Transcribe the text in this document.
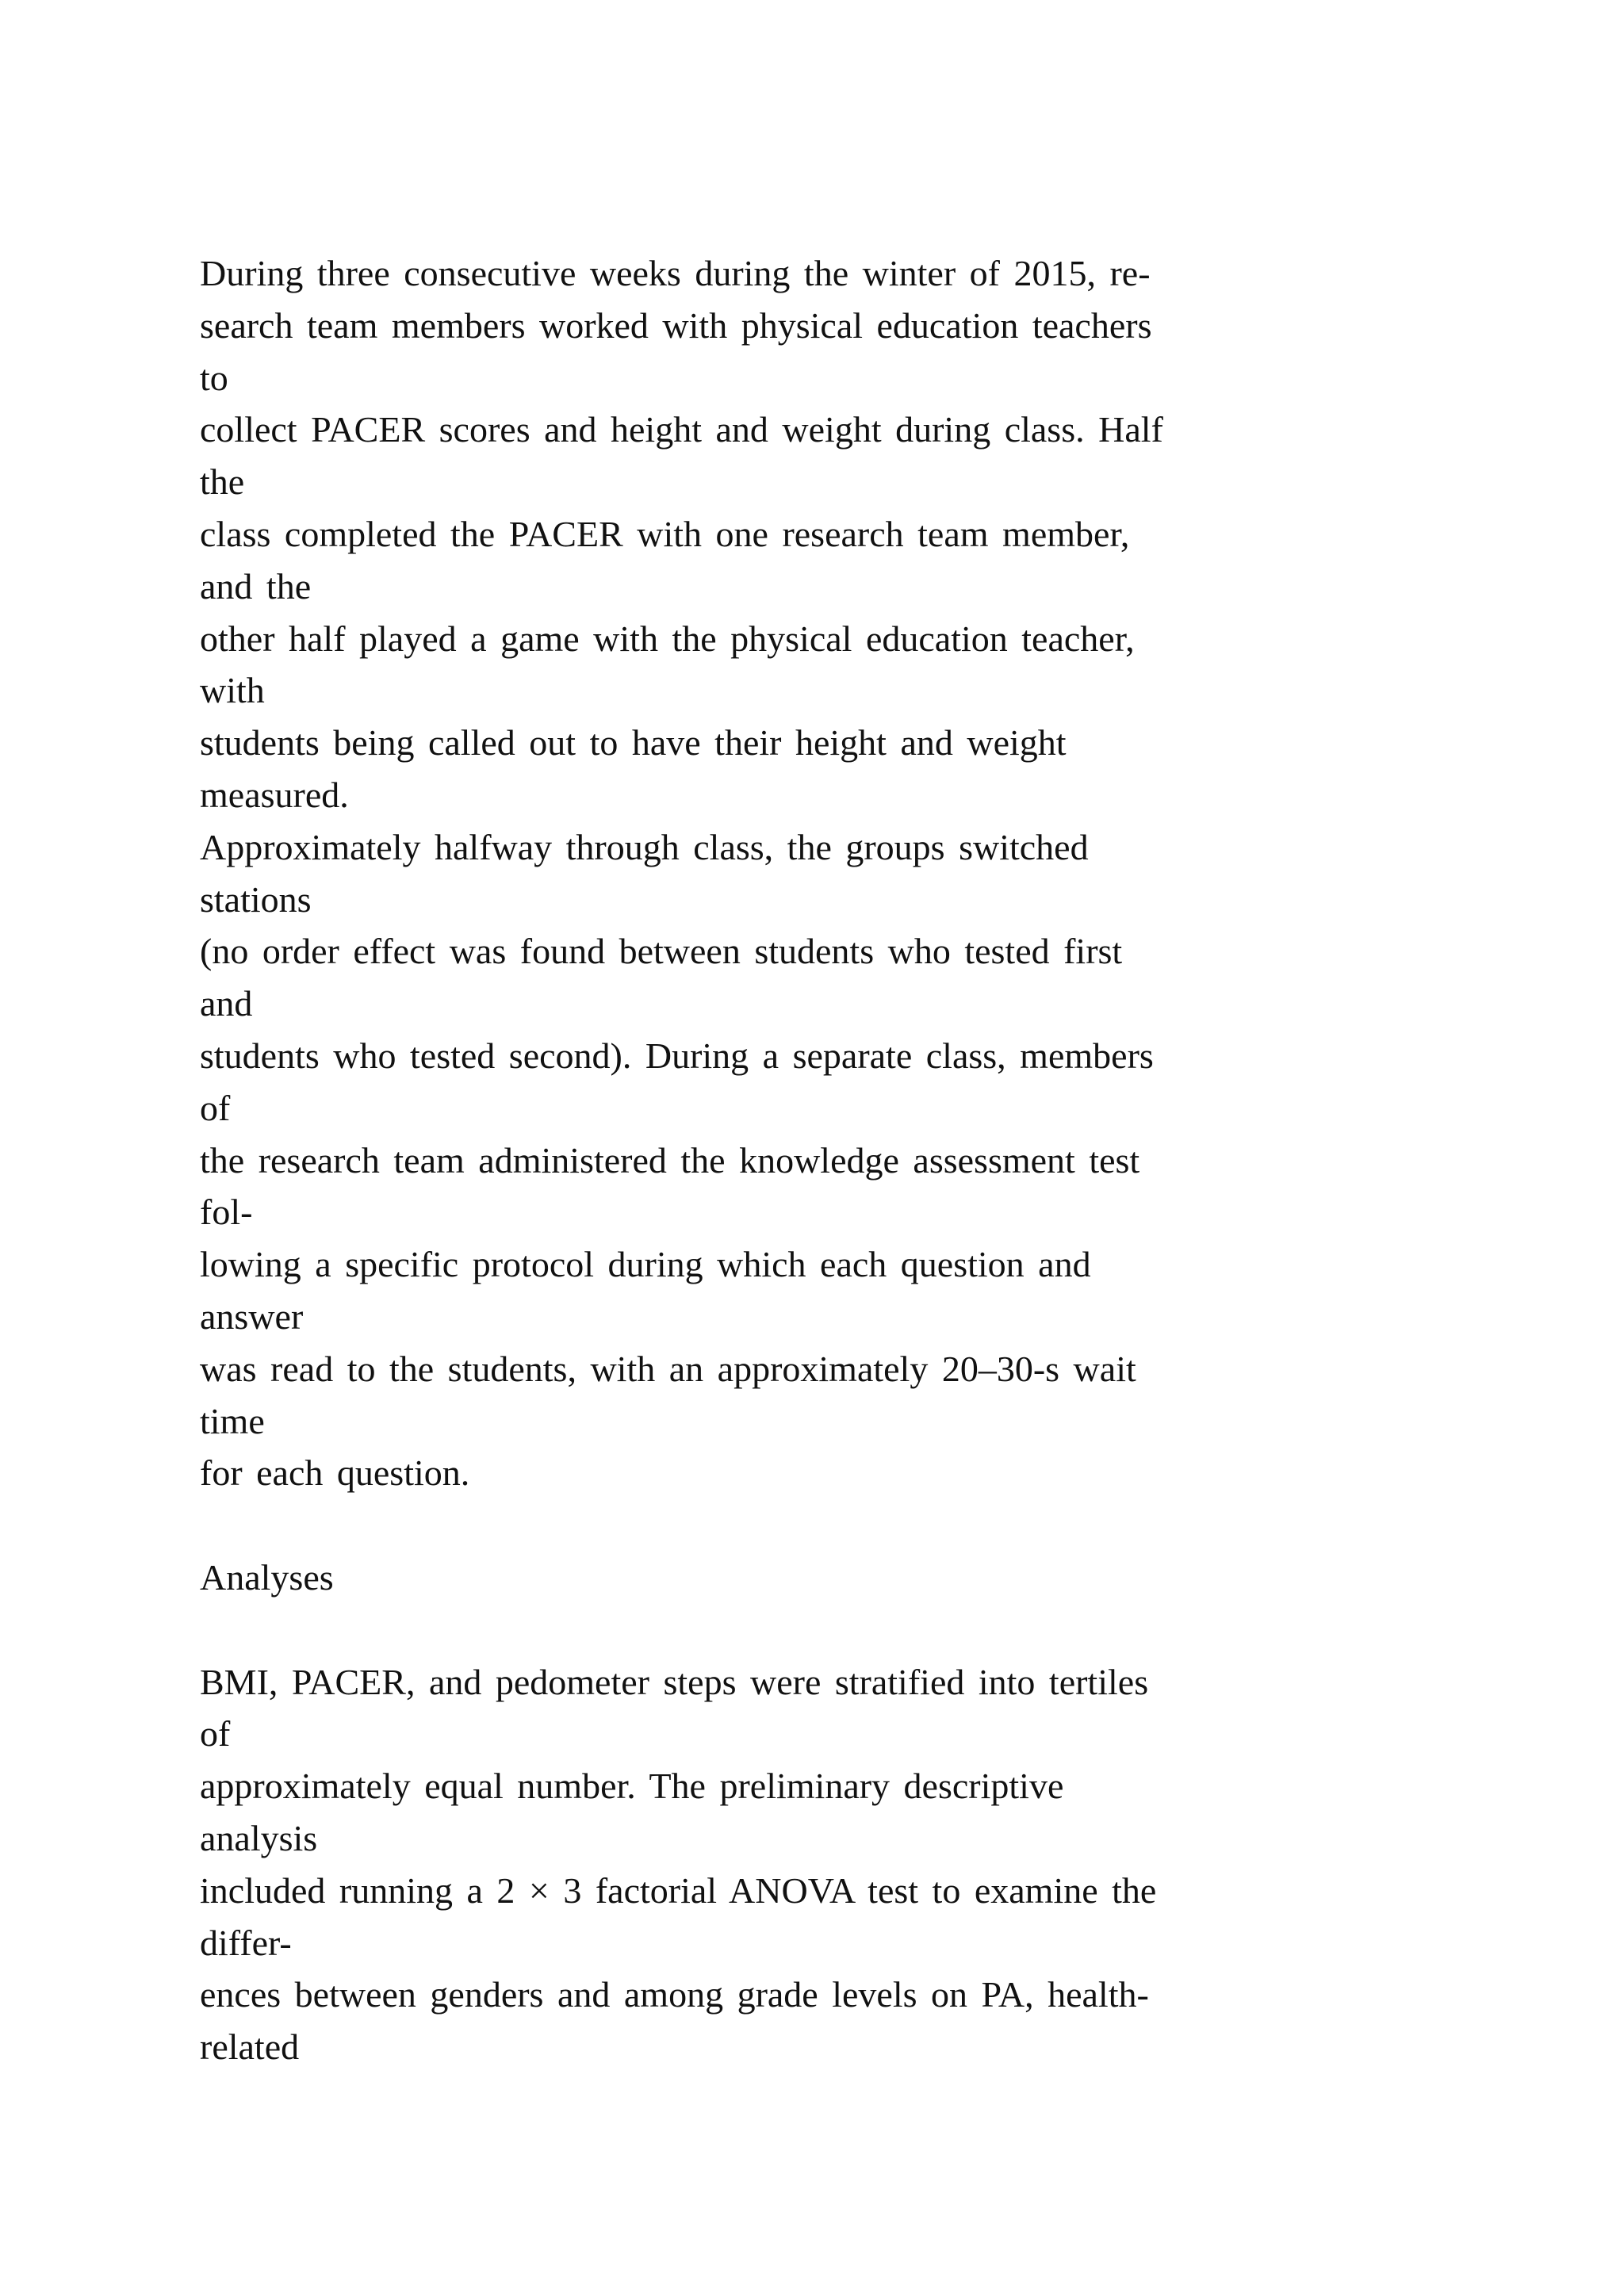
During three consecutive weeks during the winter of 2015, re-
search team members worked with physical education teachers
to
collect PACER scores and height and weight during class. Half
the
class completed the PACER with one research team member,
and the
other half played a game with the physical education teacher,
with
students being called out to have their height and weight
measured.
Approximately halfway through class, the groups switched
stations
(no order effect was found between students who tested first
and
students who tested second). During a separate class, members
of
the research team administered the knowledge assessment test
fol-
lowing a specific protocol during which each question and
answer
was read to the students, with an approximately 20–30-s wait
time
for each question.
Analyses
BMI, PACER, and pedometer steps were stratified into tertiles
of
approximately equal number. The preliminary descriptive
analysis
included running a 2 × 3 factorial ANOVA test to examine the
differ-
ences between genders and among grade levels on PA, health-
related
